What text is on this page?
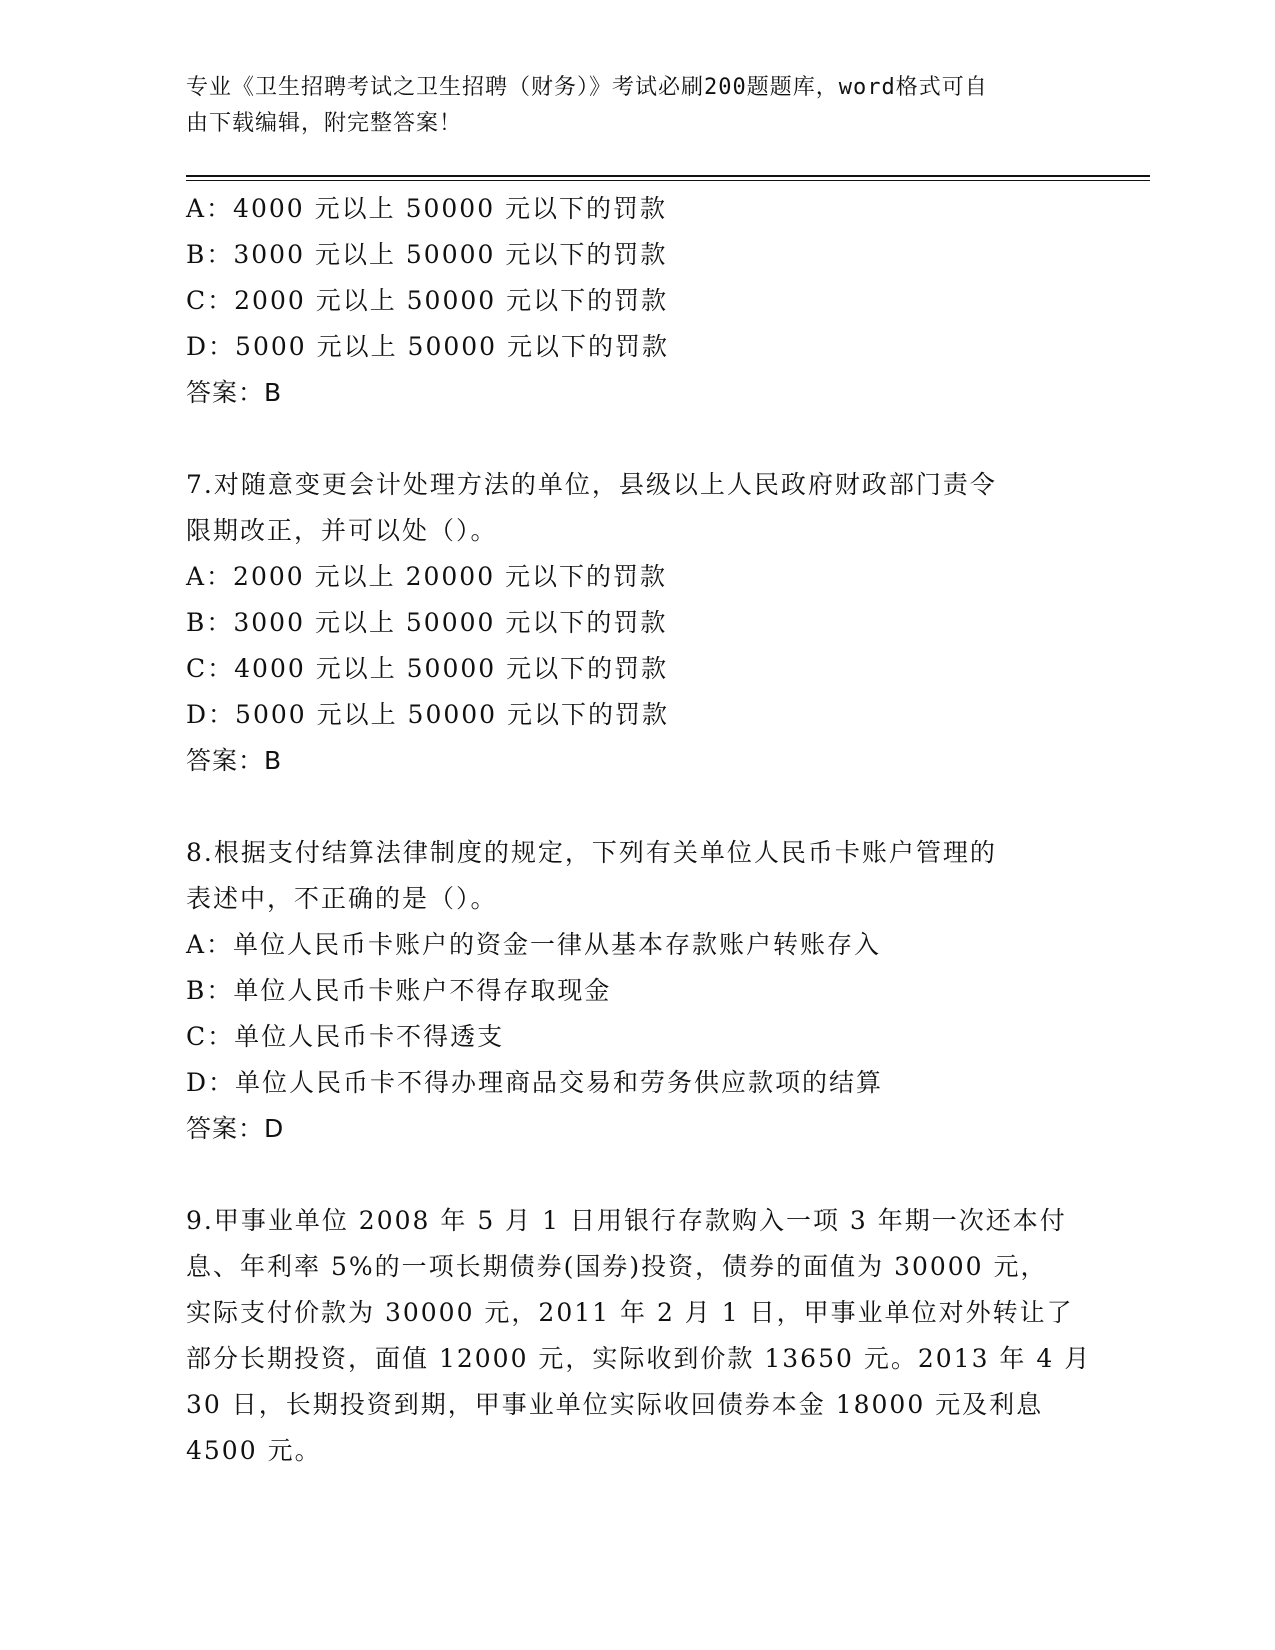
专业《卫生招聘考试之卫生招聘（财务）》考试必刷200题题库，word格式可自
由下载编辑，附完整答案！
A：4000 元以上 50000 元以下的罚款
B：3000 元以上 50000 元以下的罚款
C：2000 元以上 50000 元以下的罚款
D：5000 元以上 50000 元以下的罚款
答案：B
7.对随意变更会计处理方法的单位，县级以上人民政府财政部门责令
限期改正，并可以处（）。
A：2000 元以上 20000 元以下的罚款
B：3000 元以上 50000 元以下的罚款
C：4000 元以上 50000 元以下的罚款
D：5000 元以上 50000 元以下的罚款
答案：B
8.根据支付结算法律制度的规定，下列有关单位人民币卡账户管理的
表述中，不正确的是（）。
A：单位人民币卡账户的资金一律从基本存款账户转账存入
B：单位人民币卡账户不得存取现金
C：单位人民币卡不得透支
D：单位人民币卡不得办理商品交易和劳务供应款项的结算
答案：D
9.甲事业单位 2008 年 5 月 1 日用银行存款购入一项 3 年期一次还本付
息、年利率 5%的一项长期债券(国券)投资，债券的面值为 30000 元，
实际支付价款为 30000 元，2011 年 2 月 1 日，甲事业单位对外转让了
部分长期投资，面值 12000 元，实际收到价款 13650 元。2013 年 4 月
30 日，长期投资到期，甲事业单位实际收回债券本金 18000 元及利息
4500 元。
